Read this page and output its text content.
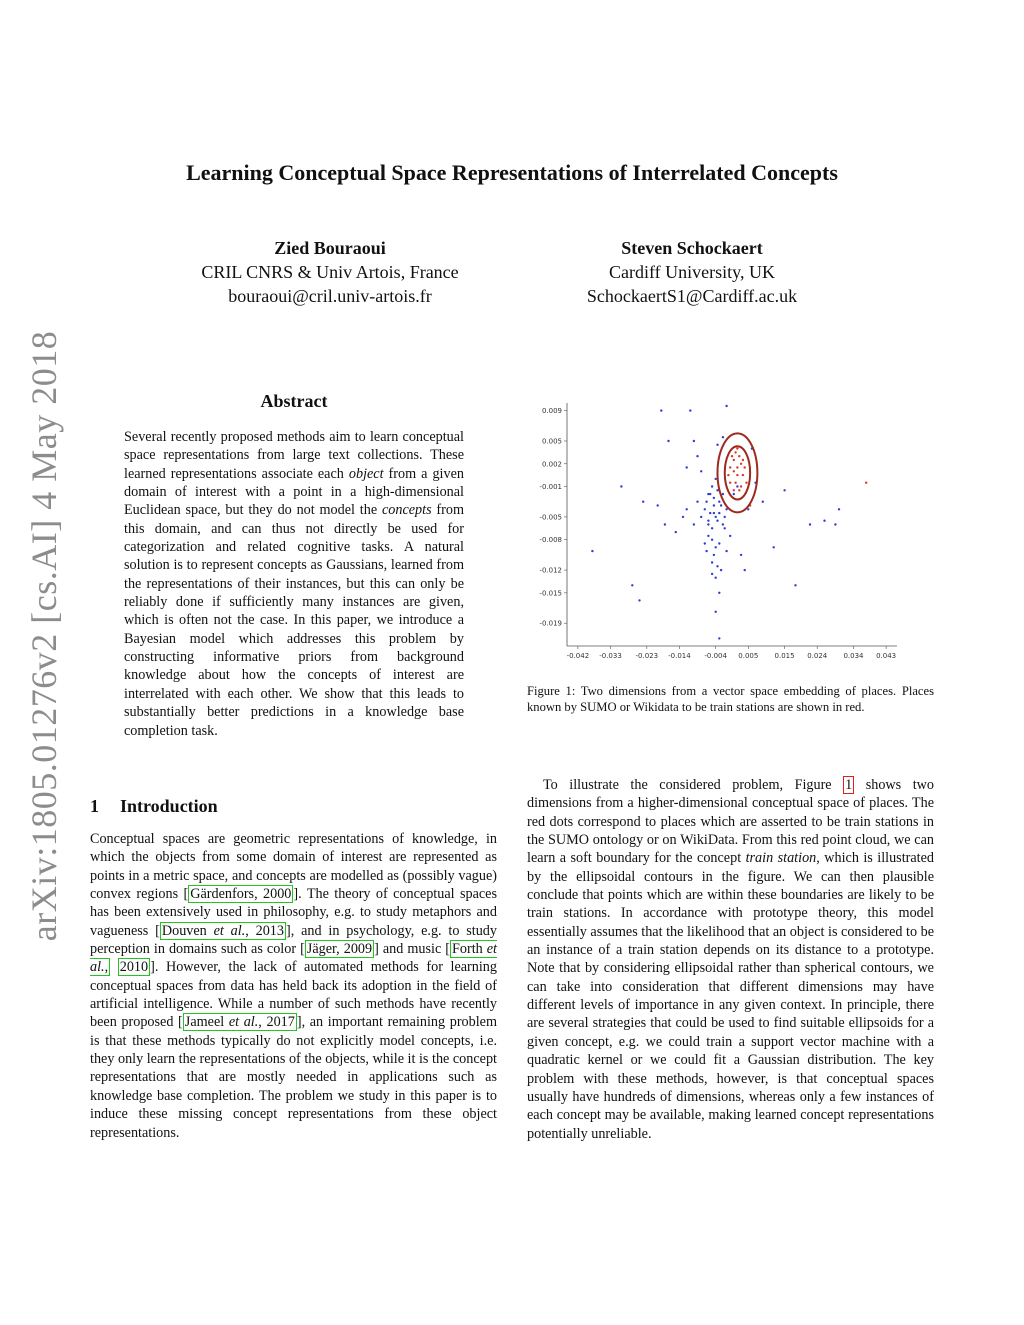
Learning Conceptual Space Representations of Interrelated Concepts
Zied Bouraoui
CRIL CNRS & Univ Artois, France
bouraoui@cril.univ-artois.fr
Steven Schockaert
Cardiff University, UK
SchockaertS1@Cardiff.ac.uk
arXiv:1805.01276v2 [cs.AI] 4 May 2018	Abstract

Several recently proposed methods aim to learn conceptual space representations from large text collections. These learned representations associate each object from a given domain of interest with a point in a high-dimensional Euclidean space, but they do not model the concepts from this domain, and can thus not directly be used for categorization and related cognitive tasks. A natural solution is to represent concepts as Gaussians, learned from the representations of their instances, but this can only be reliably done if sufficiently many instances are given, which is often not the case. In this paper, we introduce a Bayesian model which addresses this problem by constructing informative priors from background knowledge about how the concepts of interest are interrelated with each other. We show that this leads to substantially better predictions in a knowledge base completion task.

1 Introduction

Conceptual spaces are geometric representations of knowledge, in which the objects from some domain of interest are represented as points in a metric space, and concepts are modelled as (possibly vague) convex regions [ Gärdenfors, 2000 ]. The theory of conceptual spaces has been extensively used in philosophy, e.g. to study metaphors and vagueness [ Douven et al., 2013 ], and in psychology, e.g. to study perception in domains such as color [ Jäger, 2009 ] and music [ Forth et al., 2010 ]. However, the lack of automated methods for learning conceptual spaces from data has held back its adoption in the field of artificial intelligence. While a number of such methods have recently been proposed [ Jameel et al., 2017 ], an important remaining problem is that these methods typically do not explicitly model concepts, i.e. they only learn the representations of the objects, while it is the concept representations that are mostly needed in applications such as knowledge base completion. The problem we study in this paper is to induce these missing concept representations from these object representations.

-0.042 -0.033 -0.023 -0.014 -0.004 0.005 0.015 0.024 0.034 0.043
0.009
0.005
0.002
-0.001
-0.005
-0.008
-0.012
-0.015
-0.019

Figure 1: Two dimensions from a vector space embedding of places. Places known by SUMO or Wikidata to be train stations are shown in red.

To illustrate the considered problem, Figure 1 shows two dimensions from a higher-dimensional conceptual space of places. The red dots correspond to places which are asserted to be train stations in the SUMO ontology or on WikiData. From this red point cloud, we can learn a soft boundary for the concept train station, which is illustrated by the ellipsoidal contours in the figure. We can then plausible conclude that points which are within these boundaries are likely to be train stations. In accordance with prototype theory, this model essentially assumes that the likelihood that an object is considered to be an instance of a train station depends on its distance to a prototype. Note that by considering ellipsoidal rather than spherical contours, we can take into consideration that different dimensions may have different levels of importance in any given context. In principle, there are several strategies that could be used to find suitable ellipsoids for a given concept, e.g. we could train a support vector machine with a quadratic kernel or we could fit a Gaussian distribution. The key problem with these methods, however, is that conceptual spaces usually have hundreds of dimensions, whereas only a few instances of each concept may be available, making learned concept representations potentially unreliable.
